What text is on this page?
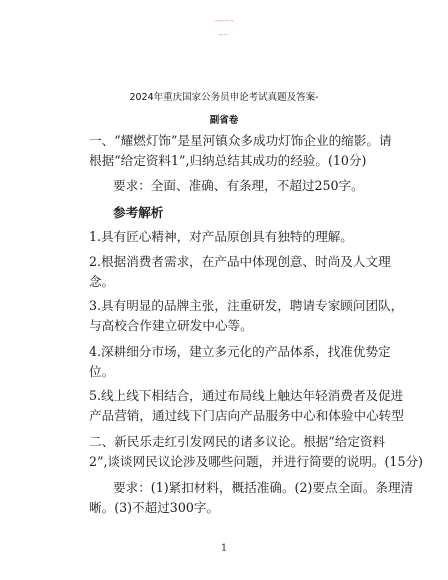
2024年重庆国家公务员申论考试真题及答案-
副省卷
一、“耀燃灯饰”是星河镇众多成功灯饰企业的缩影。请
根据“给定资料1”,归纳总结其成功的经验。(10分)
要求：全面、准确、有条理，不超过250字。
参考解析
1.具有匠心精神，对产品原创具有独特的理解。
2.根据消费者需求，在产品中体现创意、时尚及人文理
念。
3.具有明显的品牌主张，注重研发，聘请专家顾问团队，
与高校合作建立研发中心等。
4.深耕细分市场，建立多元化的产品体系，找准优势定
位。
5.线上线下相结合，通过布局线上触达年轻消费者及促进
产品营销，通过线下门店向产品服务中心和体验中心转型
二、新民乐走红引发网民的诸多议论。根据“给定资料
2”,谈谈网民议论涉及哪些问题，并进行简要的说明。(15分)
要求：(1)紧扣材料，概括准确。(2)要点全面。条理清
晰。(3)不超过300字。
1
